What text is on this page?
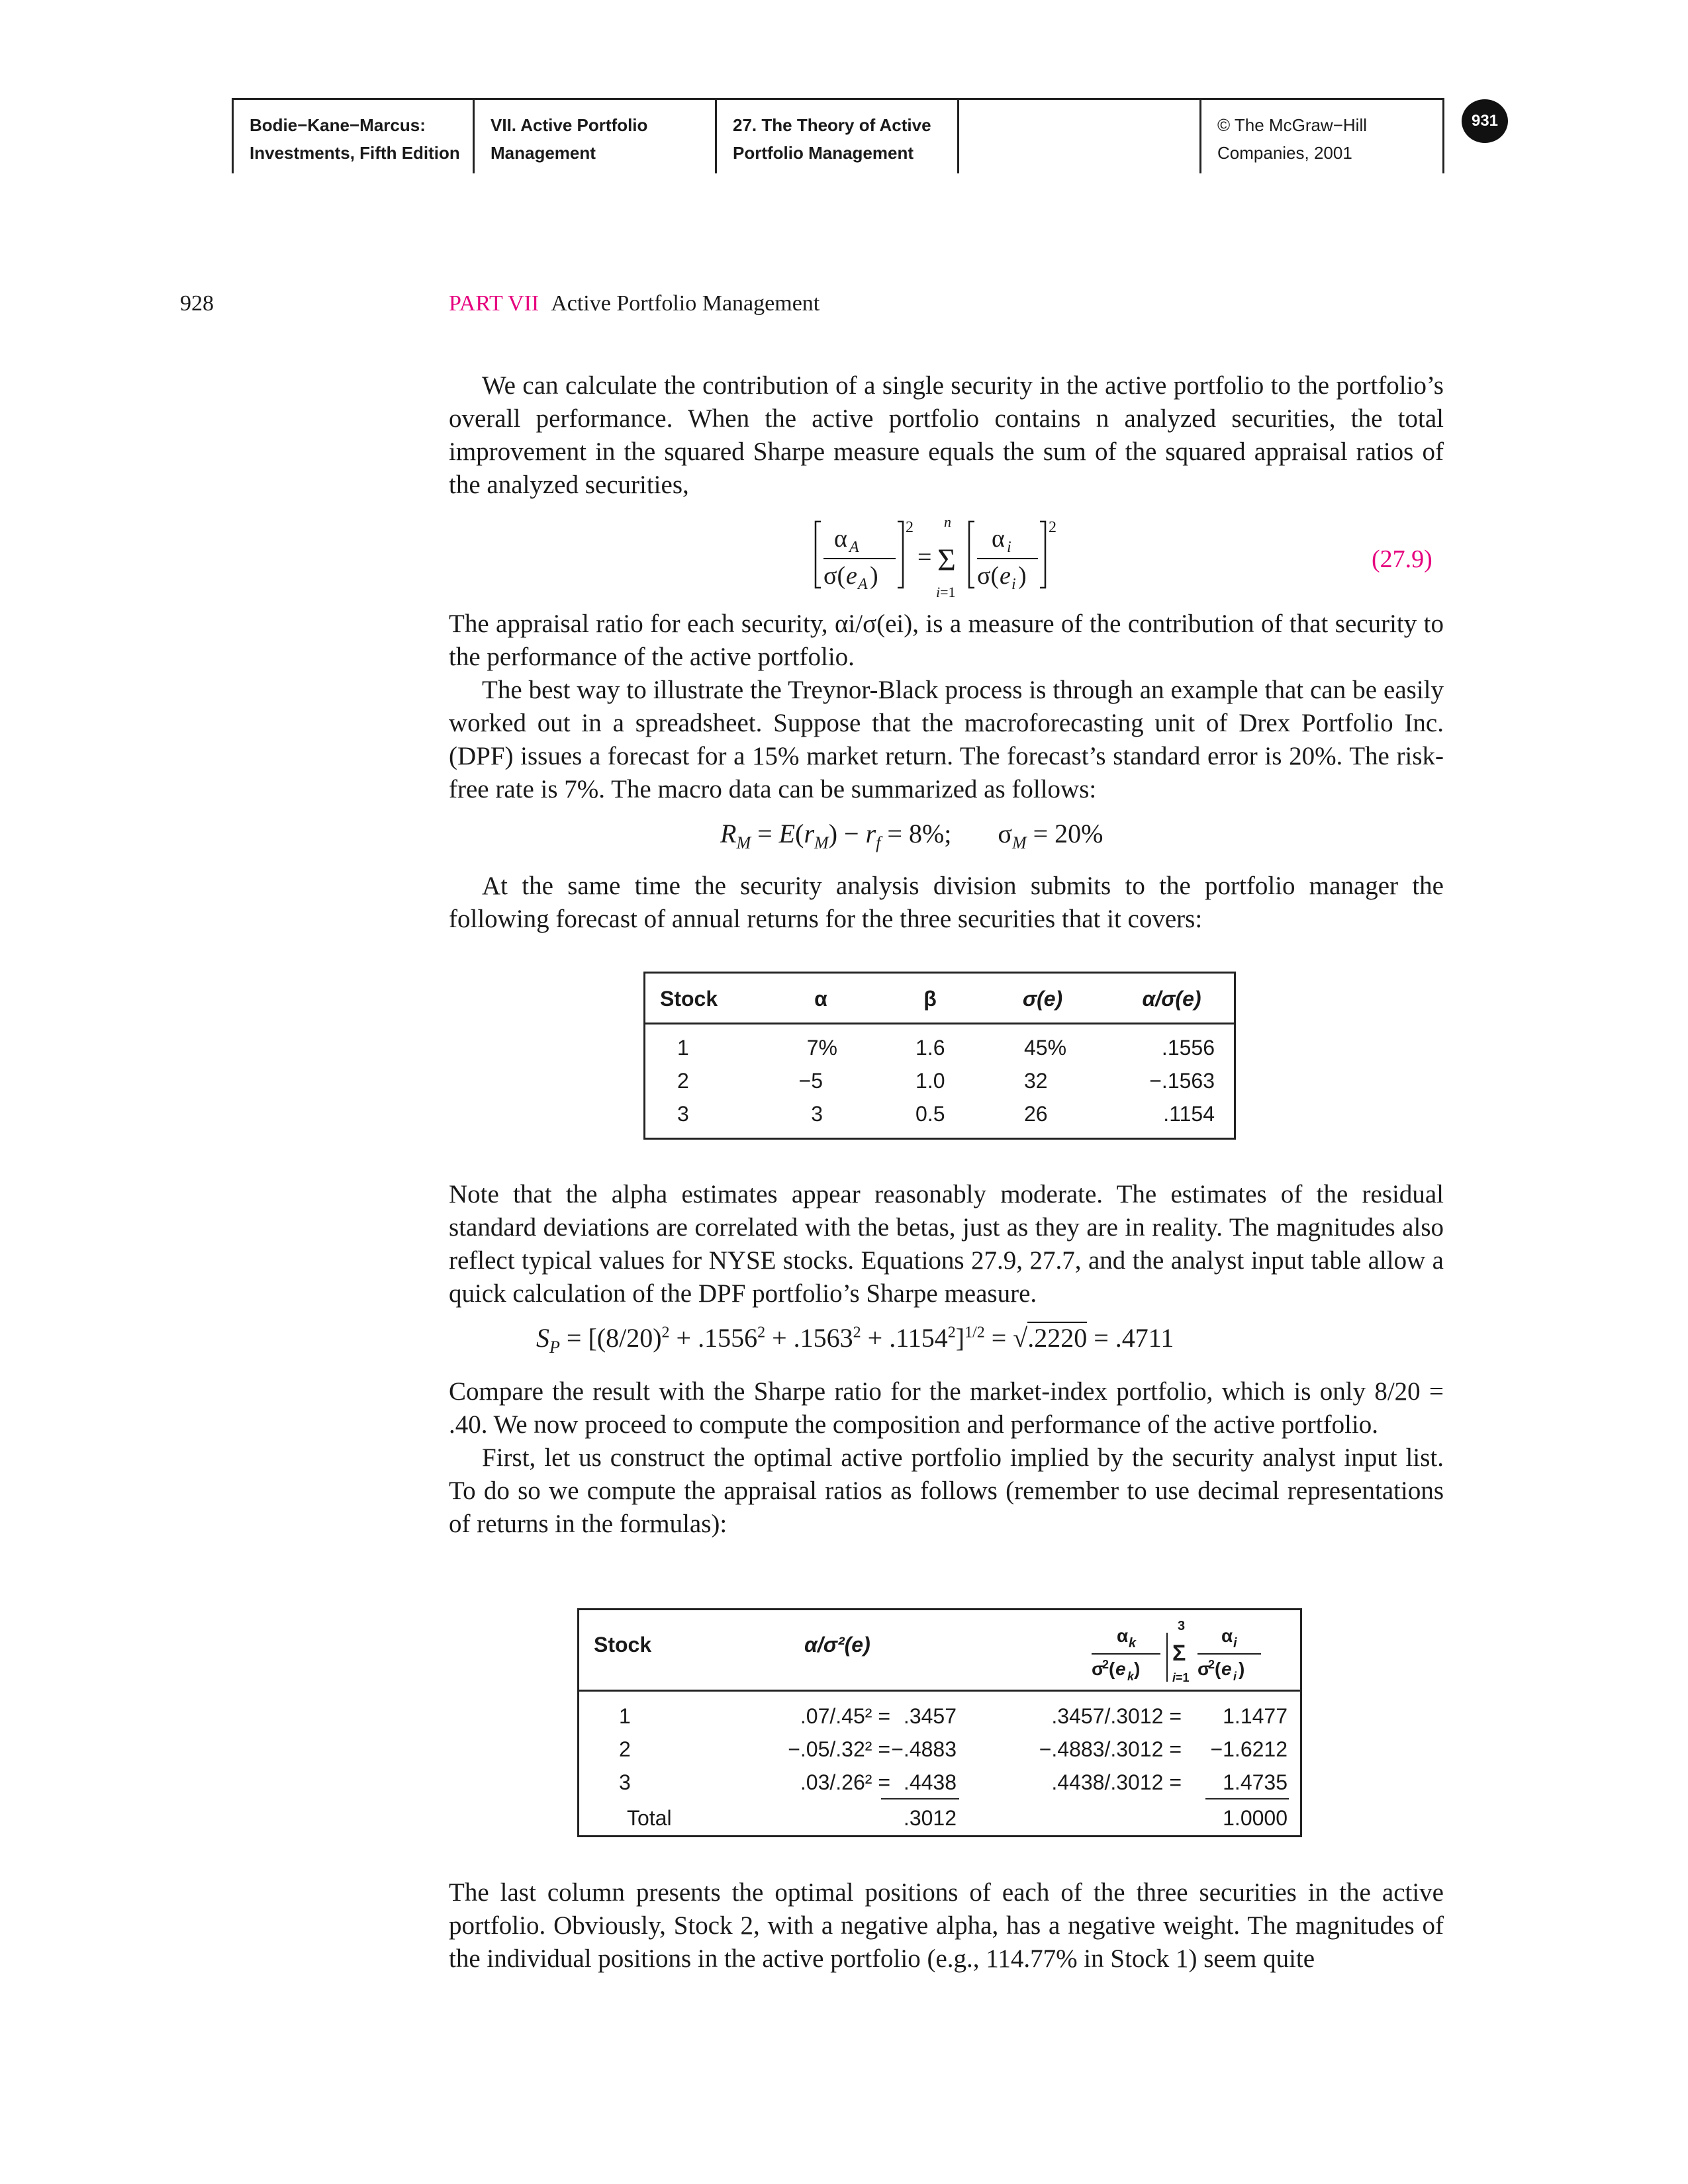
Bodie−Kane−Marcus:
Investments, Fifth Edition
VII. Active Portfolio
Management
27. The Theory of Active
Portfolio Management
© The McGraw−Hill
Companies, 2001
931
928	PART VII Active Portfolio Management

We can calculate the contribution of a single security in the active portfolio to the portfolio’s overall performance. When the active portfolio contains n analyzed securities, the total improvement in the squared Sharpe measure equals the sum of the squared appraisal ratios of the analyzed securities,

α A
σ( e A )
2
=
n
Σ
i=1
α i
σ( e i )
2
(27.9)

The appraisal ratio for each security, αi/σ(ei), is a measure of the contribution of that security to the performance of the active portfolio.

The best way to illustrate the Treynor-Black process is through an example that can be easily worked out in a spreadsheet. Suppose that the macroforecasting unit of Drex Portfolio Inc. (DPF) issues a forecast for a 15% market return. The forecast’s standard error is 20%. The risk-free rate is 7%. The macro data can be summarized as follows:

$R_M = E(r_M) - r_f = 8\%$;       $\sigma_M = 20\%$

At the same time the security analysis division submits to the portfolio manager the following forecast of annual returns for the three securities that it covers:

Stock	α	β	σ(e)	α/σ(e)
1	7%	1.6	45%	.1556
2	−5	1.0	32	−.1563
3	3	0.5	26	.1154

Note that the alpha estimates appear reasonably moderate. The estimates of the residual standard deviations are correlated with the betas, just as they are in reality. The magnitudes also reflect typical values for NYSE stocks. Equations 27.9, 27.7, and the analyst input table allow a quick calculation of the DPF portfolio’s Sharpe measure.

$S_P = [(8/20)^2 + .1556^2 + .1563^2 + .1154^2]^{1/2} = √.2220 = .4711$

Compare the result with the Sharpe ratio for the market-index portfolio, which is only 8/20 = .40. We now proceed to compute the composition and performance of the active portfolio.

First, let us construct the optimal active portfolio implied by the security analyst input list. To do so we compute the appraisal ratios as follows (remember to use decimal representations of returns in the formulas):

Stock	α/σ²(e)	α k
σ
2 ( e k )
3
Σ
i=1
α i
σ
2 ( e i )
1	.07/.45² = .3457	.3457/.3012 =	1.1477
2	−.05/.32² = −.4883	−.4883/.3012 =	−1.6212
3	.03/.26² = .4438	.4438/.3012 =	1.4735
Total	.3012	1.0000

The last column presents the optimal positions of each of the three securities in the active portfolio. Obviously, Stock 2, with a negative alpha, has a negative weight. The magnitudes of the individual positions in the active portfolio (e.g., 114.77% in Stock 1) seem quite
